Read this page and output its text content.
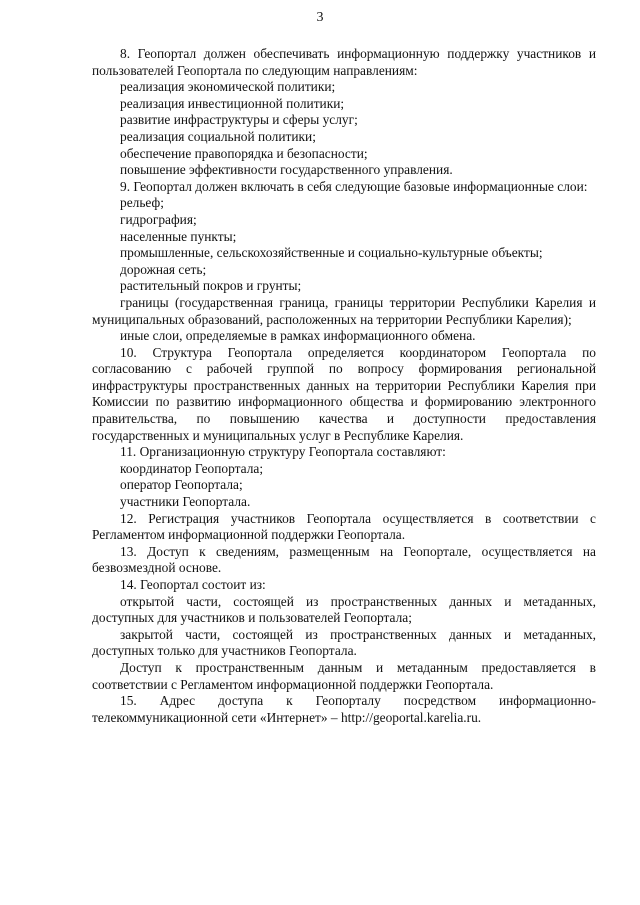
3

8. Геопортал должен обеспечивать информационную поддержку участников и пользователей Геопортала по следующим направлениям:

реализация экономической политики;

реализация инвестиционной политики;

развитие инфраструктуры и сферы услуг;

реализация социальной политики;

обеспечение правопорядка и безопасности;

повышение эффективности государственного управления.

9. Геопортал должен включать в себя следующие базовые информационные слои:

рельеф;

гидрография;

населенные пункты;

промышленные, сельскохозяйственные и социально-культурные объекты;

дорожная сеть;

растительный покров и грунты;

границы (государственная граница, границы территории Республики Карелия и муниципальных образований, расположенных на территории Республики Карелия);

иные слои, определяемые в рамках информационного обмена.

10. Структура Геопортала определяется координатором Геопортала по согласованию с рабочей группой по вопросу формирования региональной инфраструктуры пространственных данных на территории Республики Карелия при Комиссии по развитию информационного общества и формированию электронного правительства, по повышению качества и доступности предоставления государственных и муниципальных услуг в Республике Карелия.

11. Организационную структуру Геопортала составляют:

координатор Геопортала;

оператор Геопортала;

участники Геопортала.

12. Регистрация участников Геопортала осуществляется в соответствии с Регламентом информационной поддержки Геопортала.

13. Доступ к сведениям, размещенным на Геопортале, осуществляется на безвозмездной основе.

14. Геопортал состоит из:

открытой части, состоящей из пространственных данных и метаданных, доступных для участников и пользователей Геопортала;

закрытой части, состоящей из пространственных данных и метаданных, доступных только для участников Геопортала.

Доступ к пространственным данным и метаданным предоставляется в соответствии с Регламентом информационной поддержки Геопортала.

15. Адрес доступа к Геопорталу посредством информационно-телекоммуникационной сети «Интернет» – http://geoportal.karelia.ru.
